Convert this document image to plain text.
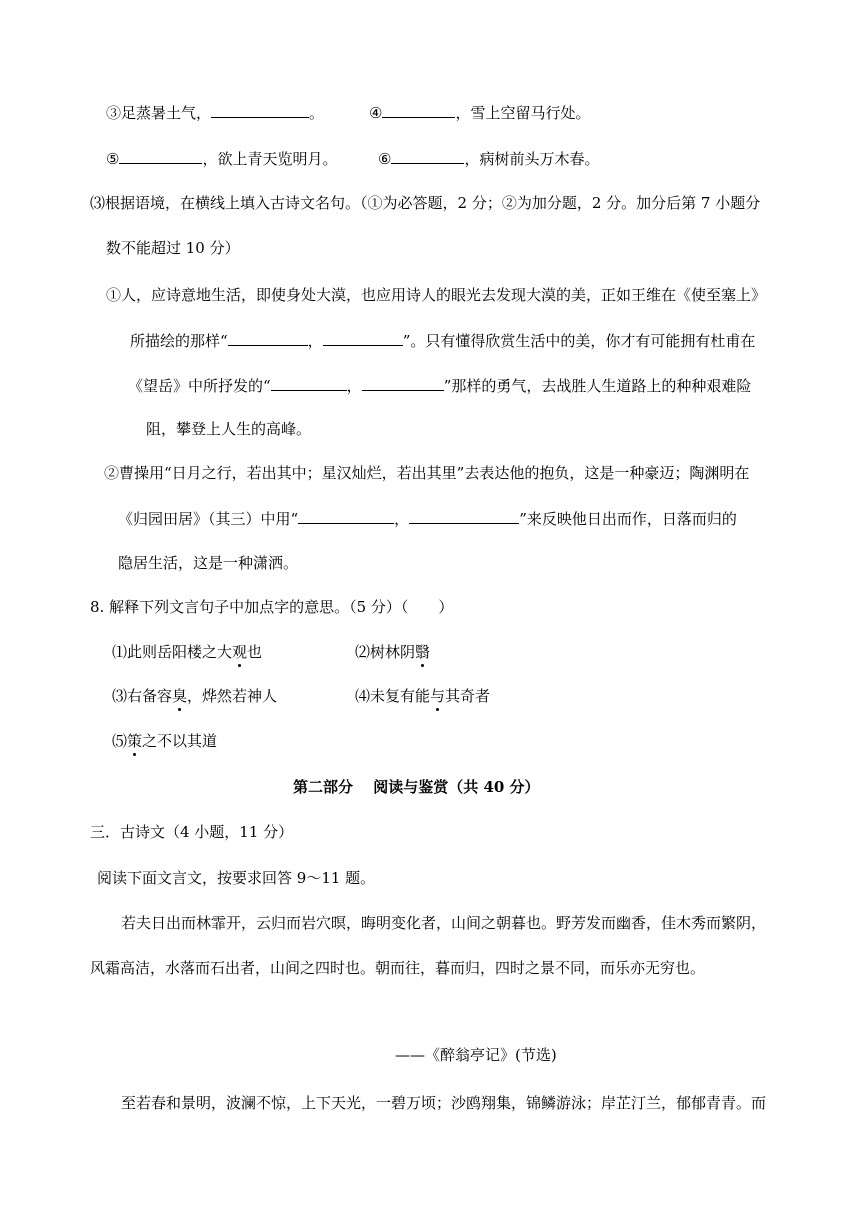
③足蒸暑土气，	。	④	，雪上空留马行处。
⑤	，欲上青天览明月。	⑥	，病树前头万木春。
⑶根据语境，在横线上填入古诗文名句。（①为必答题，2 分；②为加分题，2 分。加分后第 7 小题分
数不能超过 10 分）
①人，应诗意地生活，即使身处大漠，也应用诗人的眼光去发现大漠的美，正如王维在《使至塞上》
所描绘的那样“	，	”。只有懂得欣赏生活中的美，你才有可能拥有杜甫在
《望岳》中所抒发的“	，	”那样的勇气，去战胜人生道路上的种种艰难险
阻，攀登上人生的高峰。
②曹操用“日月之行，若出其中；星汉灿烂，若出其里”去表达他的抱负，这是一种豪迈；陶渊明在
《归园田居》（其三）中用“	，	”来反映他日出而作，日落而归的
隐居生活，这是一种潇洒。
8. 解释下列文言句子中加点字的意思。（5 分）（　　）
⑴此则岳阳楼之大观也	⑵树林阴翳
⑶右备容臭，烨然若神人	⑷未复有能与其奇者
⑸策之不以其道
第二部分　 阅读与鉴赏（共 40 分）
三．古诗文（4 小题，11 分）
阅读下面文言文，按要求回答 9～11 题。
若夫日出而林霏开，云归而岩穴暝，晦明变化者，山间之朝暮也。野芳发而幽香，佳木秀而繁阴，
风霜高洁，水落而石出者，山间之四时也。朝而往，暮而归，四时之景不同，而乐亦无穷也。
——《醉翁亭记》(节选)
至若春和景明，波澜不惊，上下天光，一碧万顷；沙鸥翔集，锦鳞游泳；岸芷汀兰，郁郁青青。而
